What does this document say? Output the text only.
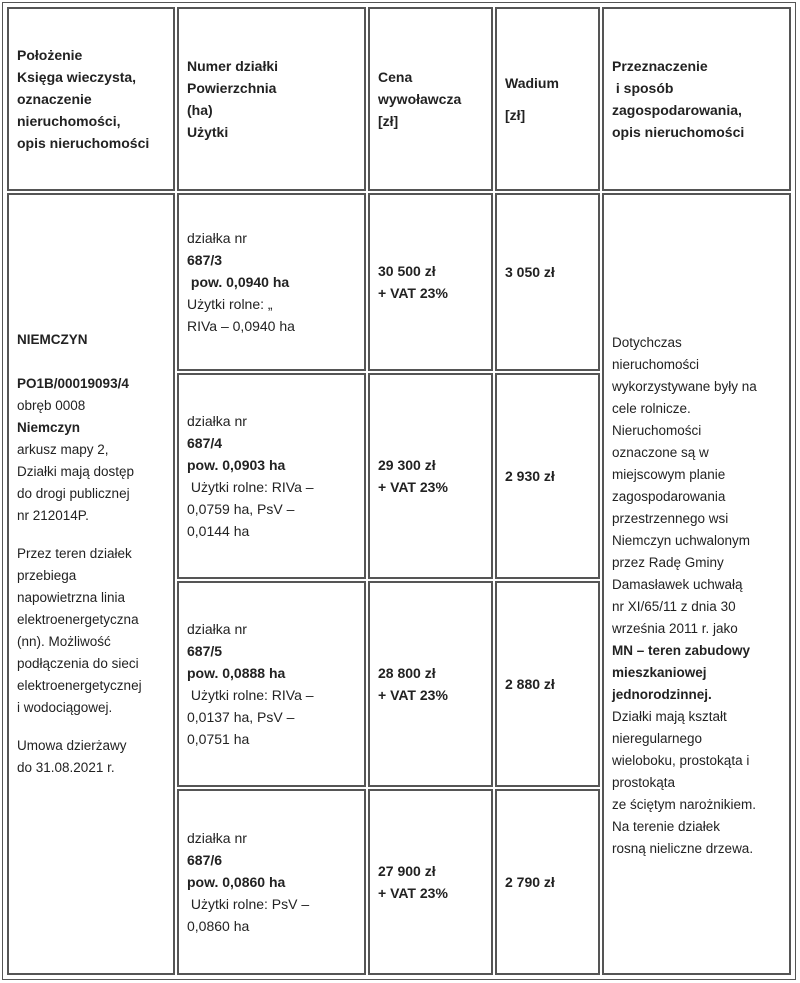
Położenie

Księga wieczysta,

oznaczenie

nieruchomości,

opis nieruchomości

Numer działki

Powierzchnia

(ha)

Użytki

Cena

wywoławcza

[zł]

Wadium

[zł]

Przeznaczenie

i sposób

zagospodarowania,

opis nieruchomości

NIEMCZYN

PO1B/00019093/4

obręb 0008

Niemczyn

arkusz mapy 2,

Działki mają dostęp

do drogi publicznej

nr 212014P.

Przez teren działek

przebiega

napowietrzna linia

elektroenergetyczna

(nn). Możliwość

podłączenia do sieci

elektroenergetycznej

i wodociągowej.

Umowa dzierżawy

do 31.08.2021 r.

działka nr

687/3

pow. 0,0940 ha

Użytki rolne: „

RIVa – 0,0940 ha

30 500 zł

+ VAT 23%

3 050 zł

działka nr

687/4

pow. 0,0903 ha

Użytki rolne: RIVa –

0,0759 ha, PsV –

0,0144 ha

29 300 zł

+ VAT 23%

2 930 zł

działka nr

687/5

pow. 0,0888 ha

Użytki rolne: RIVa –

0,0137 ha, PsV –

0,0751 ha

28 800 zł

+ VAT 23%

2 880 zł

działka nr

687/6

pow. 0,0860 ha

Użytki rolne: PsV –

0,0860 ha

27 900 zł

+ VAT 23%

2 790 zł

Dotychczas

nieruchomości

wykorzystywane były na

cele rolnicze.

Nieruchomości

oznaczone są w

miejscowym planie

zagospodarowania

przestrzennego wsi

Niemczyn uchwalonym

przez Radę Gminy

Damasławek uchwałą

nr XI/65/11 z dnia 30

września 2011 r. jako

MN – teren zabudowy

mieszkaniowej

jednorodzinnej.

Działki mają kształt

nieregularnego

wieloboku, prostokąta i

prostokąta

ze ściętym narożnikiem.

Na terenie działek

rosną nieliczne drzewa.
